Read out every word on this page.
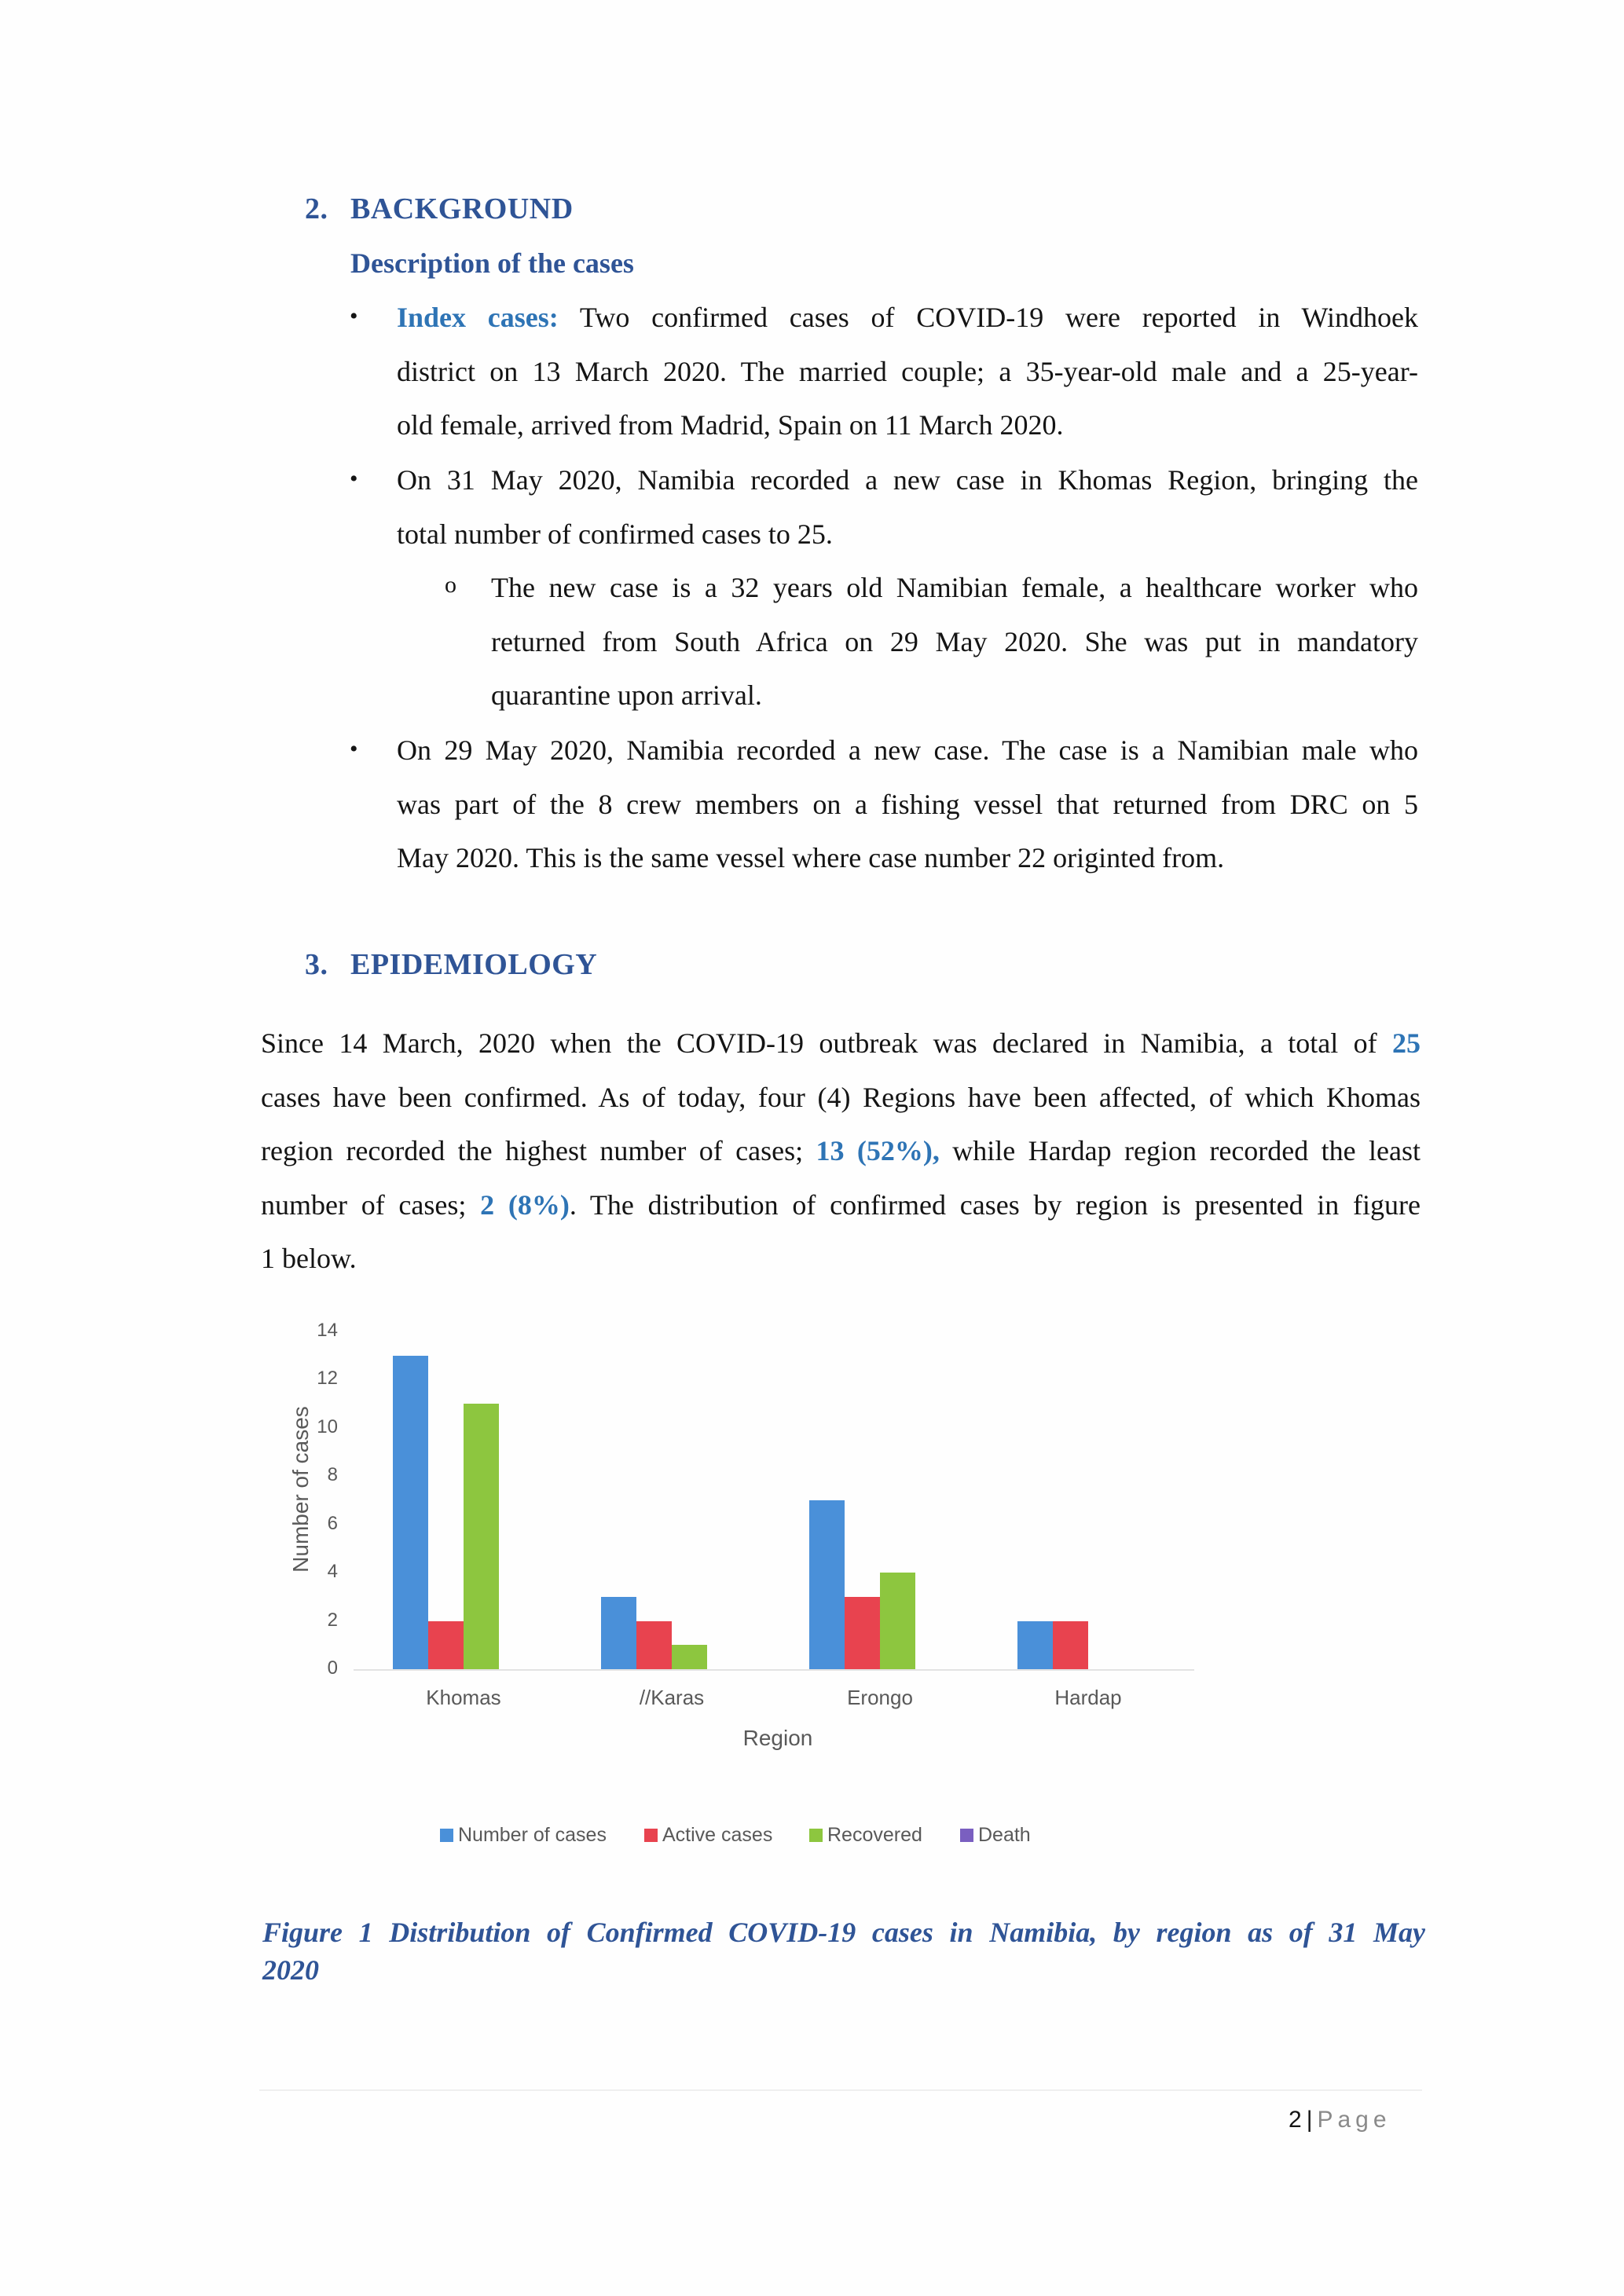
2. BACKGROUND
Description of the cases
• Index cases: Two confirmed cases of COVID-19 were reported in Windhoek
district on 13 March 2020. The married couple; a 35-year-old male and a 25-year-
old female, arrived from Madrid, Spain on 11 March 2020.
• On 31 May 2020, Namibia recorded a new case in Khomas Region, bringing the
total number of confirmed cases to 25.
o The new case is a 32 years old Namibian female, a healthcare worker who
returned from South Africa on 29 May 2020. She was put in mandatory
quarantine upon arrival.
• On 29 May 2020, Namibia recorded a new case. The case is a Namibian male who
was part of the 8 crew members on a fishing vessel that returned from DRC on 5
May 2020. This is the same vessel where case number 22 originted from.
3. EPIDEMIOLOGY
Since 14 March, 2020 when the COVID-19 outbreak was declared in Namibia, a total of 25
cases have been confirmed. As of today, four (4) Regions have been affected, of which Khomas
region recorded the highest number of cases; 13 (52%), while Hardap region recorded the least
number of cases; 2 (8%). The distribution of confirmed cases by region is presented in figure
1 below.
Number of cases
0
2
4
6
8
10
12
14
Khomas	//Karas	Erongo	Hardap
Region
Number of cases	Active cases	Recovered	Death
Figure 1 Distribution of Confirmed COVID-19 cases in Namibia, by region as of 31 May
2020
2 | Page
